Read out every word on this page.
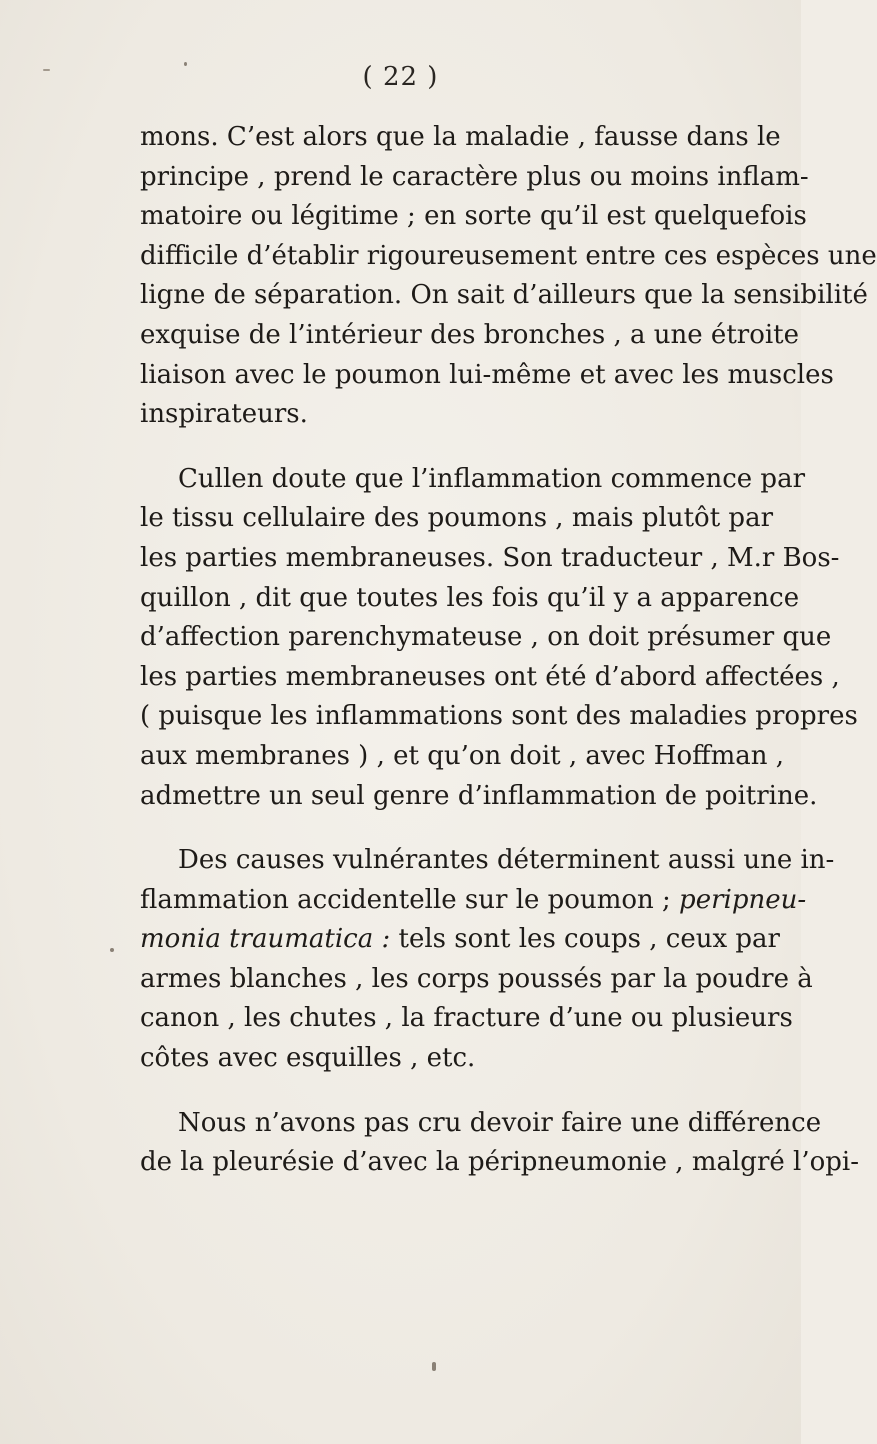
( 22 )
mons. C’est alors que la maladie , fausse dans le
principe , prend le caractère plus ou moins inflam-
matoire ou légitime ; en sorte qu’il est quelquefois
difficile d’établir rigoureusement entre ces espèces une
ligne de séparation. On sait d’ailleurs que la sensibilité
exquise de l’intérieur des bronches , a une étroite
liaison avec le poumon lui-même et avec les muscles
inspirateurs.
Cullen doute que l’inflammation commence par
le tissu cellulaire des poumons , mais plutôt par
les parties membraneuses. Son traducteur , M.r Bos-
quillon , dit que toutes les fois qu’il y a apparence
d’affection parenchymateuse , on doit présumer que
les parties membraneuses ont été d’abord affectées ,
( puisque les inflammations sont des maladies propres
aux membranes ) , et qu’on doit , avec Hoffman ,
admettre un seul genre d’inflammation de poitrine.
Des causes vulnérantes déterminent aussi une in-
flammation accidentelle sur le poumon ; peripneu-
monia traumatica : tels sont les coups , ceux par
armes blanches , les corps poussés par la poudre à
canon , les chutes , la fracture d’une ou plusieurs
côtes avec esquilles , etc.
Nous n’avons pas cru devoir faire une différence
de la pleurésie d’avec la péripneumonie , malgré l’opi-
